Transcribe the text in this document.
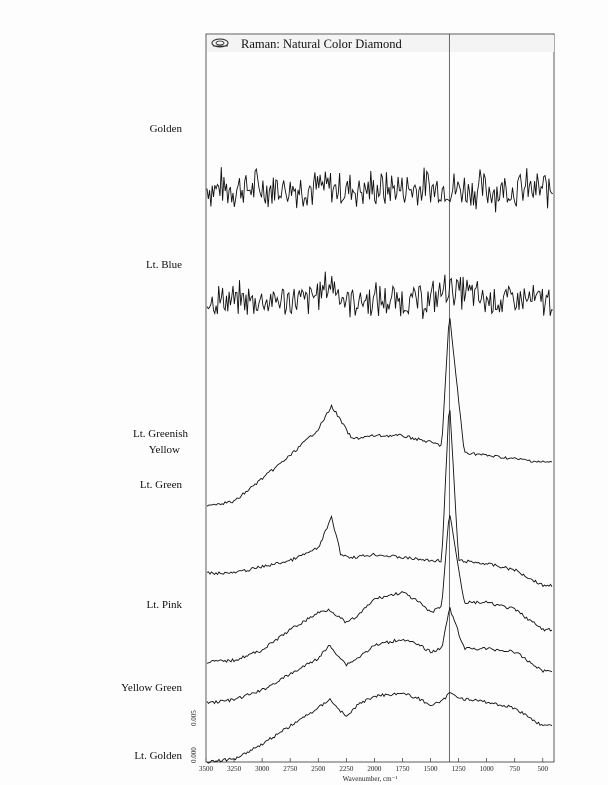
Raman: Natural Color Diamond
3500 3250 3000 2750 2500 2250 2000 1750 1500 1250 1000 750	500
Golden
Lt. Blue
Lt. Greenish Yellow
Lt. Green
Lt. Pink
Yellow Green
Lt. Golden
Wavenumber, cm⁻¹
0.005
0.000
